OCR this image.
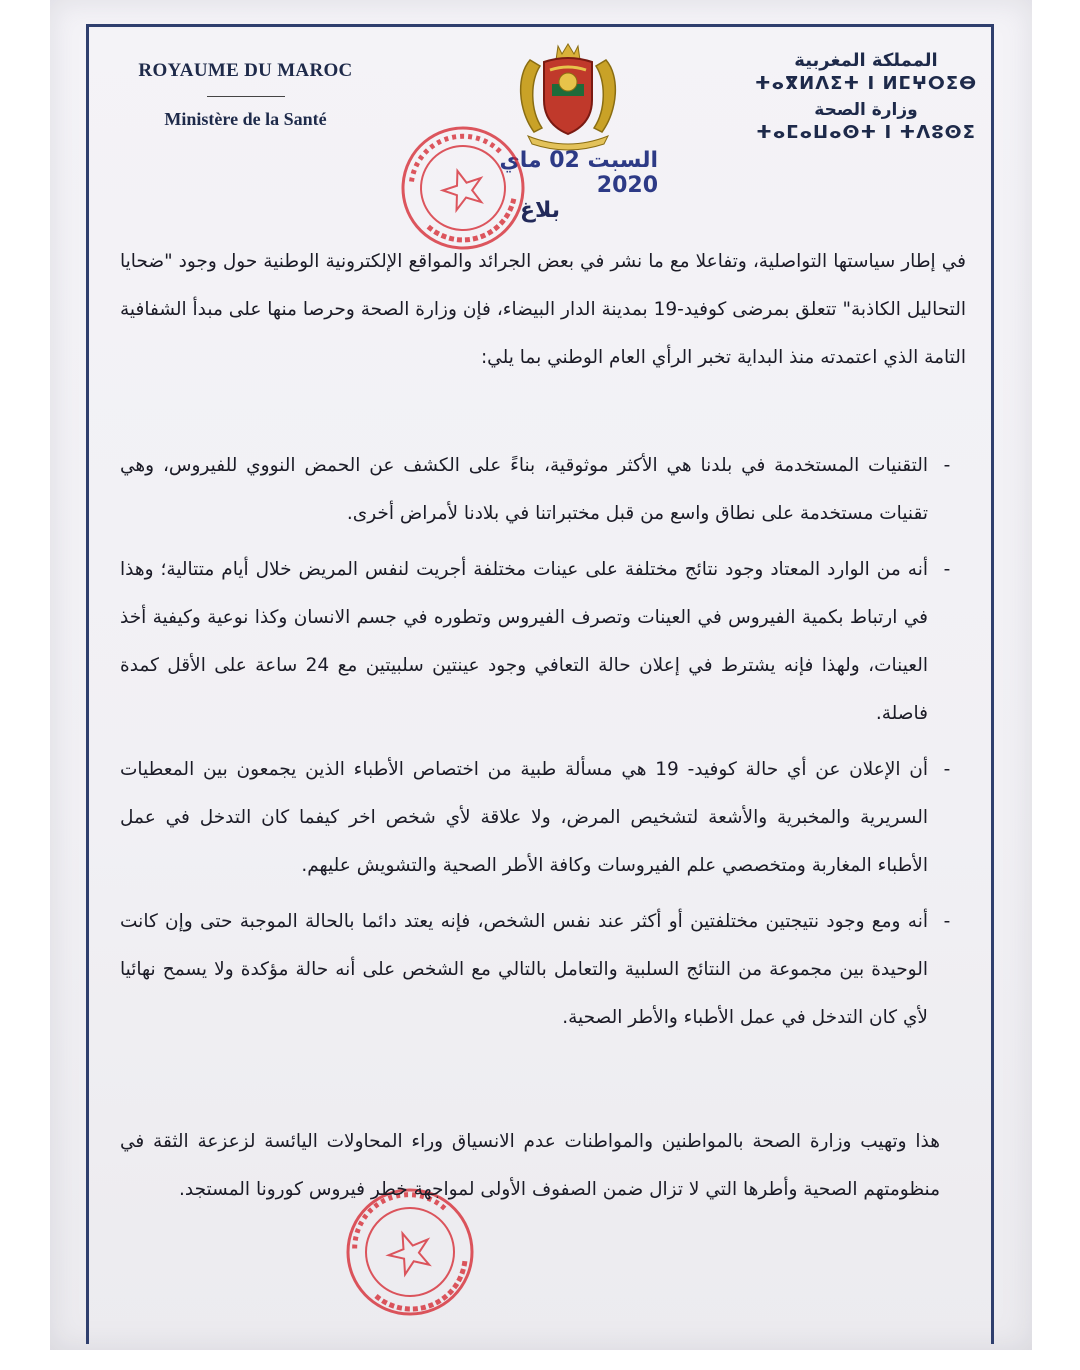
ROYAUME DU MAROC
Ministère de la Santé
المملكة المغربية
ⵜⴰⴳⵍⴷⵉⵜ ⵏ ⵍⵎⵖⵔⵉⴱ
وزارة الصحة
ⵜⴰⵎⴰⵡⴰⵙⵜ ⵏ ⵜⴷⵓⵙⵉ
السبت 02 ماي 2020
بلاغ
في إطار سياستها التواصلية، وتفاعلا مع ما نشر في بعض الجرائد والمواقع الإلكترونية الوطنية حول وجود "ضحايا التحاليل الكاذبة" تتعلق بمرضى كوفيد-19 بمدينة الدار البيضاء، فإن وزارة الصحة وحرصا منها على مبدأ الشفافية التامة الذي اعتمدته منذ البداية تخبر الرأي العام الوطني بما يلي:
-
التقنيات المستخدمة في بلدنا هي الأكثر موثوقية، بناءً على الكشف عن الحمض النووي للفيروس، وهي تقنيات مستخدمة على نطاق واسع من قبل مختبراتنا في بلادنا لأمراض أخرى.
-
أنه من الوارد المعتاد وجود نتائج مختلفة على عينات مختلفة أجريت لنفس المريض خلال أيام متتالية؛ وهذا في ارتباط بكمية الفيروس في العينات وتصرف الفيروس وتطوره في جسم الانسان وكذا نوعية وكيفية أخذ العينات، ولهذا فإنه يشترط في إعلان حالة التعافي وجود عينتين سلبيتين مع 24 ساعة على الأقل كمدة فاصلة.
-
أن الإعلان عن أي حالة كوفيد- 19 هي مسألة طبية من اختصاص الأطباء الذين يجمعون بين المعطيات السريرية والمخبرية والأشعة لتشخيص المرض، ولا علاقة لأي شخص اخر كيفما كان التدخل في عمل الأطباء المغاربة ومتخصصي علم الفيروسات وكافة الأطر الصحية والتشويش عليهم.
-
أنه ومع وجود نتيجتين مختلفتين أو أكثر عند نفس الشخص، فإنه يعتد دائما بالحالة الموجبة حتى وإن كانت الوحيدة بين مجموعة من النتائج السلبية والتعامل بالتالي مع الشخص على أنه حالة مؤكدة ولا يسمح نهائيا لأي كان التدخل في عمل الأطباء والأطر الصحية.
هذا وتهيب وزارة الصحة بالمواطنين والمواطنات عدم الانسياق وراء المحاولات اليائسة لزعزعة الثقة في منظومتهم الصحية وأطرها التي لا تزال ضمن الصفوف الأولى لمواجهة خطر فيروس كورونا المستجد.
